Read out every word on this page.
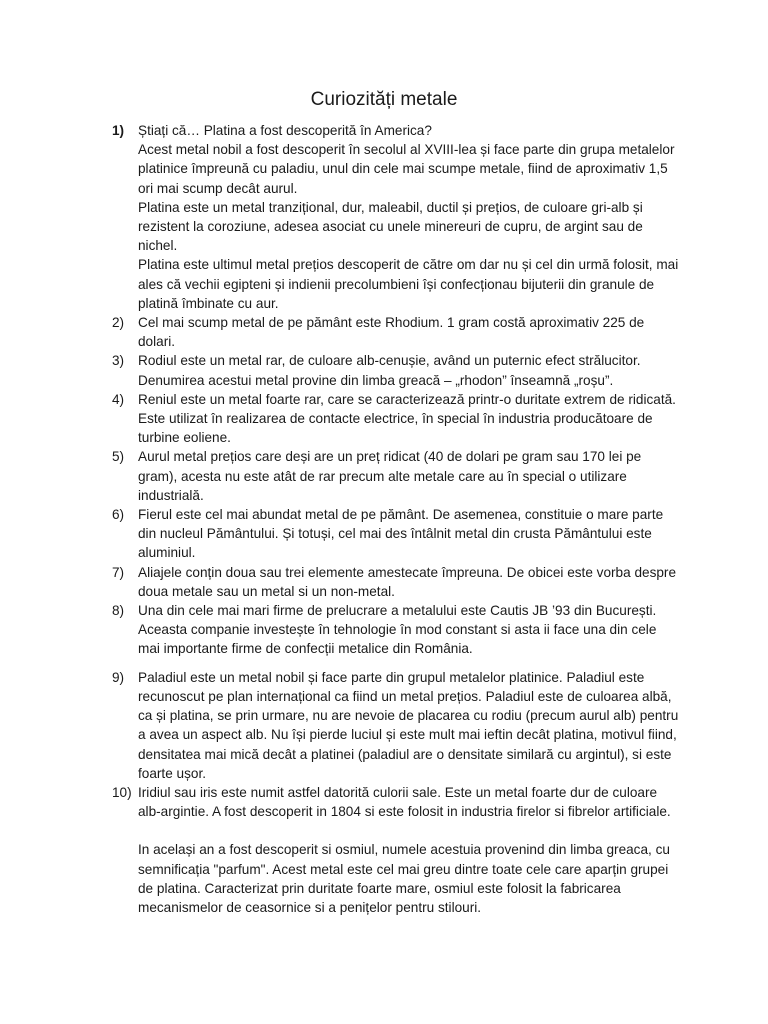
Curiozități metale
1) Știați că… Platina a fost descoperită în America?

Acest metal nobil a fost descoperit în secolul al XVIII-lea și face parte din grupa metalelor platinice împreună cu paladiu, unul din cele mai scumpe metale, fiind de aproximativ 1,5 ori mai scump decât aurul.

Platina este un metal tranzițional, dur, maleabil, ductil și prețios, de culoare gri-alb și rezistent la coroziune, adesea asociat cu unele minereuri de cupru, de argint sau de nichel.

Platina este ultimul metal prețios descoperit de către om dar nu și cel din urmă folosit, mai ales că vechii egipteni și indienii precolumbieni își confecționau bijuterii din granule de platină îmbinate cu aur.

2) Cel mai scump metal de pe pământ este Rhodium. 1 gram costă aproximativ 225 de dolari.

3) Rodiul este un metal rar, de culoare alb-cenușie, având un puternic efect strălucitor. Denumirea acestui metal provine din limba greacă – „rhodon” înseamnă „roșu”.

4) Reniul este un metal foarte rar, care se caracterizează printr-o duritate extrem de ridicată. Este utilizat în realizarea de contacte electrice, în special în industria producătoare de turbine eoliene.

5) Aurul metal prețios care deși are un preț ridicat (40 de dolari pe gram sau 170 lei pe gram), acesta nu este atât de rar precum alte metale care au în special o utilizare industrială.

6) Fierul este cel mai abundat metal de pe pământ. De asemenea, constituie o mare parte din nucleul Pământului. Și totuși, cel mai des întâlnit metal din crusta Pământului este aluminiul.

7) Aliajele conțin doua sau trei elemente amestecate împreuna. De obicei este vorba despre doua metale sau un metal si un non-metal.

8) Una din cele mai mari firme de prelucrare a metalului este Cautis JB ’93 din București. Aceasta companie investește în tehnologie în mod constant si asta ii face una din cele mai importante firme de confecții metalice din România.

9) Paladiul este un metal nobil și face parte din grupul metalelor platinice. Paladiul este recunoscut pe plan internațional ca fiind un metal prețios. Paladiul este de culoarea albă, ca și platina, se prin urmare, nu are nevoie de placarea cu rodiu (precum aurul alb) pentru a avea un aspect alb. Nu își pierde luciul și este mult mai ieftin decât platina, motivul fiind, densitatea mai mică decât a platinei (paladiul are o densitate similară cu argintul), si este foarte ușor.

10) Iridiul sau iris este numit astfel datorită culorii sale. Este un metal foarte dur de culoare alb-argintie. A fost descoperit in 1804 si este folosit in industria firelor si fibrelor artificiale.

In același an a fost descoperit si osmiul, numele acestuia provenind din limba greaca, cu semnificația "parfum". Acest metal este cel mai greu dintre toate cele care aparțin grupei de platina. Caracterizat prin duritate foarte mare, osmiul este folosit la fabricarea mecanismelor de ceasornice si a penițelor pentru stilouri.
